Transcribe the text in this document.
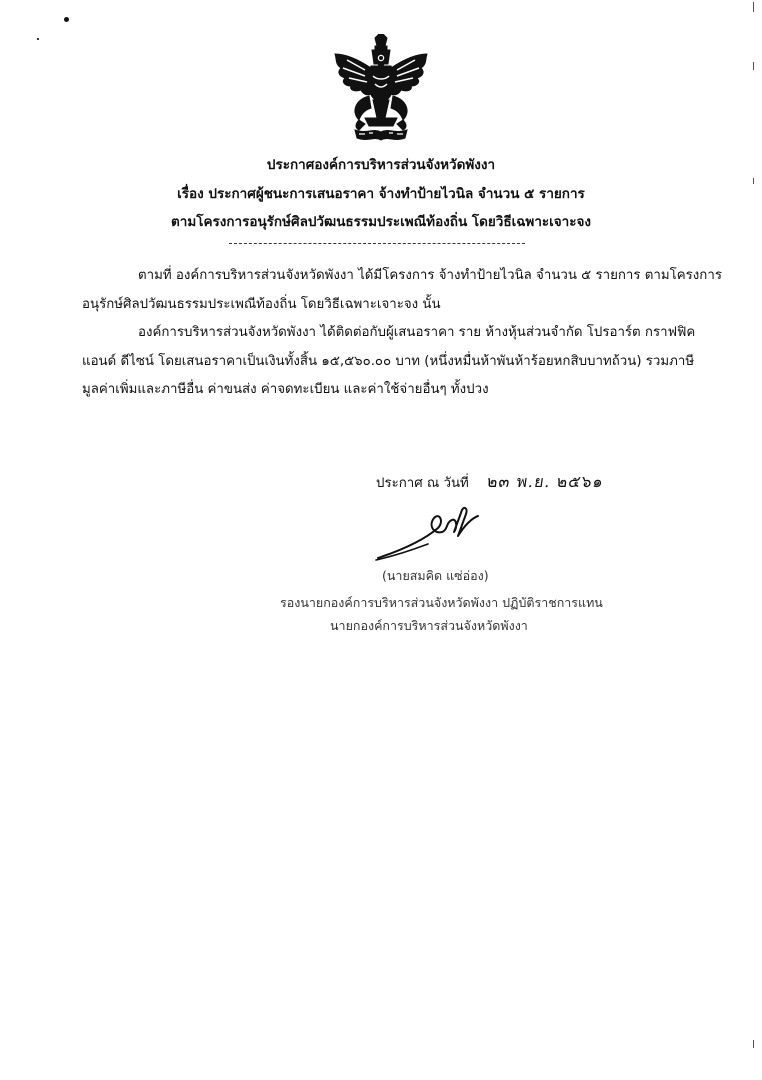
ประกาศองค์การบริหารส่วนจังหวัดพังงา
เรื่อง ประกาศผู้ชนะการเสนอราคา จ้างทำป้ายไวนิล จำนวน ๕ รายการ
ตามโครงการอนุรักษ์ศิลปวัฒนธรรมประเพณีท้องถิ่น โดยวิธีเฉพาะเจาะจง
ตามที่ องค์การบริหารส่วนจังหวัดพังงา ได้มีโครงการ จ้างทำป้ายไวนิล จำนวน ๕ รายการ ตามโครงการ
อนุรักษ์ศิลปวัฒนธรรมประเพณีท้องถิ่น โดยวิธีเฉพาะเจาะจง นั้น
องค์การบริหารส่วนจังหวัดพังงา ได้ติดต่อกับผู้เสนอราคา ราย ห้างหุ้นส่วนจำกัด โปรอาร์ต กราฟฟิค
แอนด์ ดีไซน์ โดยเสนอราคาเป็นเงินทั้งสิ้น ๑๕,๕๖๐.๐๐ บาท (หนึ่งหมื่นห้าพันห้าร้อยหกสิบบาทถ้วน) รวมภาษี
มูลค่าเพิ่มและภาษีอื่น ค่าขนส่ง ค่าจดทะเบียน และค่าใช้จ่ายอื่นๆ ทั้งปวง
ประกาศ ณ วันที่ ๒๓ พ.ย. ๒๕๖๑
(นายสมคิด แซ่อ่อง)
รองนายกองค์การบริหารส่วนจังหวัดพังงา ปฏิบัติราชการแทน
นายกองค์การบริหารส่วนจังหวัดพังงา
